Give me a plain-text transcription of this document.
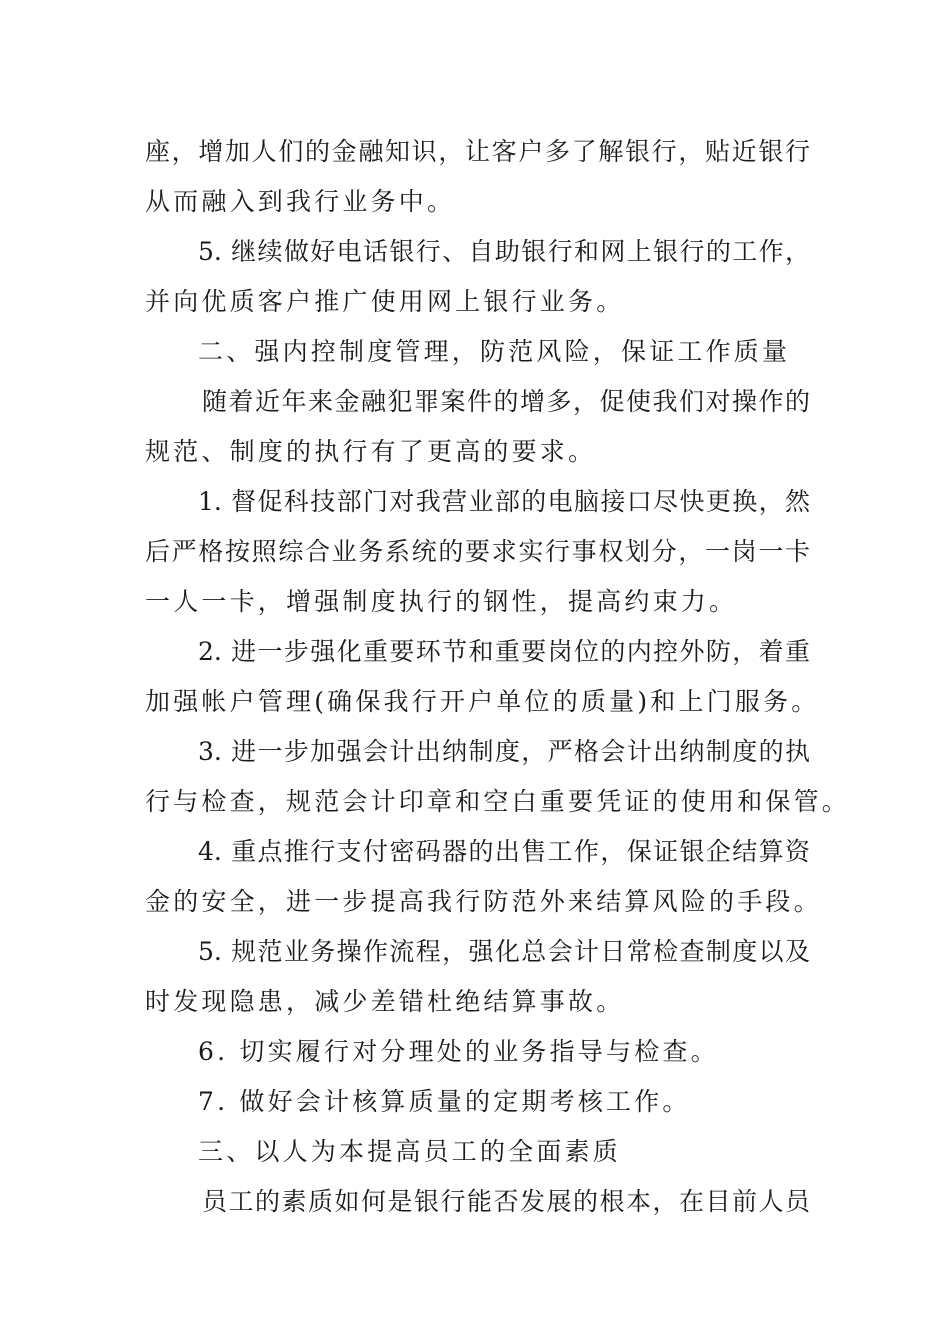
座，增加人们的金融知识，让客户多了解银行，贴近银行
从而融入到我行业务中。
5. 继续做好电话银行、自助银行和网上银行的工作，
并向优质客户推广使用网上银行业务。
二、强内控制度管理，防范风险，保证工作质量
随着近年来金融犯罪案件的增多，促使我们对操作的
规范、制度的执行有了更高的要求。
1. 督促科技部门对我营业部的电脑接口尽快更换，然
后严格按照综合业务系统的要求实行事权划分，一岗一卡
一人一卡，增强制度执行的钢性，提高约束力。
2. 进一步强化重要环节和重要岗位的内控外防，着重
加强帐户管理(确保我行开户单位的质量)和上门服务。
3. 进一步加强会计出纳制度，严格会计出纳制度的执
行与检查，规范会计印章和空白重要凭证的使用和保管。
4. 重点推行支付密码器的出售工作，保证银企结算资
金的安全，进一步提高我行防范外来结算风险的手段。
5. 规范业务操作流程，强化总会计日常检查制度以及
时发现隐患，减少差错杜绝结算事故。
6. 切实履行对分理处的业务指导与检查。
7. 做好会计核算质量的定期考核工作。
三、以人为本提高员工的全面素质
员工的素质如何是银行能否发展的根本，在目前人员
